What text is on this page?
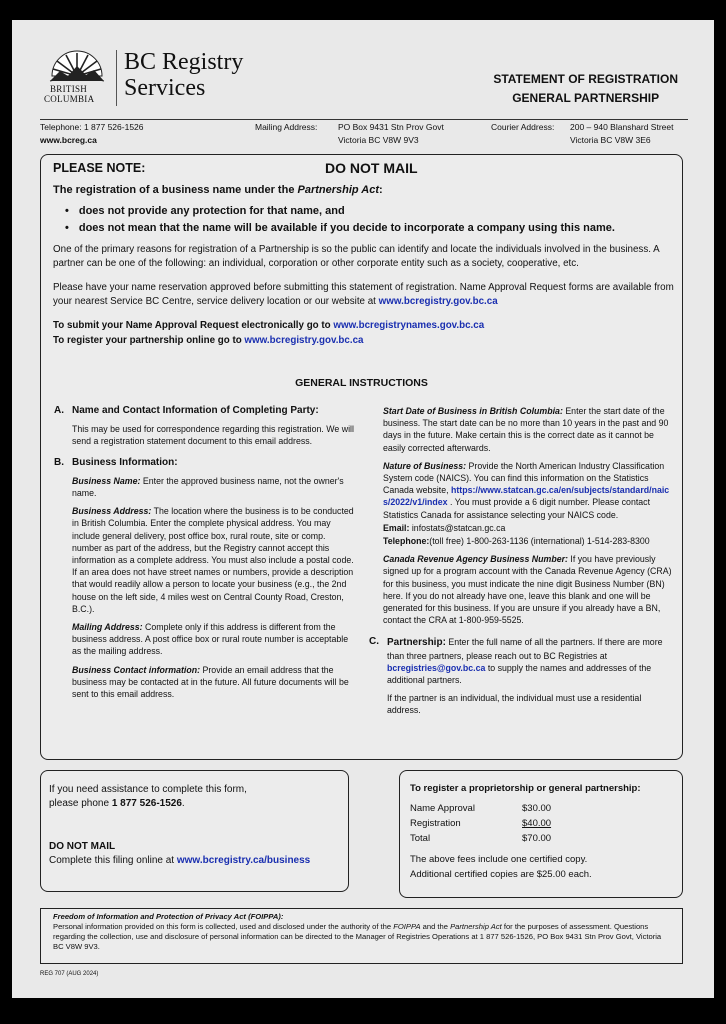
BRITISH
COLUMBIA
BC Registry
Services	STATEMENT OF REGISTRATION
GENERAL PARTNERSHIP
Telephone: 1 877 526-1526
www.bcreg.ca
Mailing Address: PO Box 9431 Stn Prov Govt
Victoria BC V8W 9V3
Courier Address: 200 – 940 Blanshard Street
Victoria BC V8W 3E6
PLEASE NOTE:	DO NOT MAIL
The registration of a business name under the Partnership Act:
• does not provide any protection for that name, and
• does not mean that the name will be available if you decide to incorporate a company using this name.
One of the primary reasons for registration of a Partnership is so the public can identify and locate the individuals involved in the business. A partner can be one of the following: an individual, corporation or other corporate entity such as a society, cooperative, etc.
Please have your name reservation approved before submitting this statement of registration. Name Approval Request forms are available from your nearest Service BC Centre, service delivery location or our website at www.bcregistry.gov.bc.ca
To submit your Name Approval Request electronically go to www.bcregistrynames.gov.bc.ca
To register your partnership online go to www.bcregistry.gov.bc.ca
GENERAL INSTRUCTIONS
A. Name and Contact Information of Completing Party:

This may be used for correspondence regarding this registration. We will send a registration statement document to this email address.

B. Business Information:

Business Name: Enter the approved business name, not the owner's name.

Business Address: The location where the business is to be conducted in British Columbia. Enter the complete physical address. You may include general delivery, post office box, rural route, site or comp. number as part of the address, but the Registry cannot accept this information as a complete address. You must also include a postal code. If an area does not have street names or numbers, provide a description that would readily allow a person to locate your business (e.g., the 2nd house on the left side, 4 miles west on Central County Road, Creston, B.C.).

Mailing Address: Complete only if this address is different from the business address. A post office box or rural route number is acceptable as the mailing address.

Business Contact information: Provide an email address that the business may be contacted at in the future. All future documents will be sent to this email address.

Start Date of Business in British Columbia: Enter the start date of the business. The start date can be no more than 10 years in the past and 90 days in the future. Make certain this is the correct date as it cannot be easily corrected afterwards.

Nature of Business: Provide the North American Industry Classification System code (NAICS). You can find this information on the Statistics Canada website, https://www.statcan.gc.ca/en/subjects/standard/naics/2022/v1/index . You must provide a 6 digit number. Please contact Statistics Canada for assistance selecting your NAICS code.

Email: infostats@statcan.gc.ca

Telephone:(toll free) 1-800-263-1136 (international) 1-514-283-8300

Canada Revenue Agency Business Number: If you have previously signed up for a program account with the Canada Revenue Agency (CRA) for this business, you must indicate the nine digit Business Number (BN) here. If you do not already have one, leave this blank and one will be generated for this business. If you are unsure if you already have a BN, contact the CRA at 1-800-959-5525.

C. Partnership: Enter the full name of all the partners. If there are more than three partners, please reach out to BC Registries at bcregistries@gov.bc.ca to supply the names and addresses of the additional partners.

If the partner is an individual, the individual must use a residential address.

If you need assistance to complete this form,
please phone 1 877 526-1526.
DO NOT MAIL
Complete this filing online at www.bcregistry.ca/business
To register a proprietorship or general partnership:
Name Approval	$30.00
Registration	$40.00
Total	$70.00
The above fees include one certified copy.
Additional certified copies are $25.00 each.
Freedom of Information and Protection of Privacy Act (FOIPPA):
Personal information provided on this form is collected, used and disclosed under the authority of the FOIPPA and the Partnership Act for the purposes of assessment. Questions regarding the collection, use and disclosure of personal information can be directed to the Manager of Registries Operations at 1 877 526-1526, PO Box 9431 Stn Prov Govt, Victoria BC V8W 9V3.
REG 707 (AUG 2024)
